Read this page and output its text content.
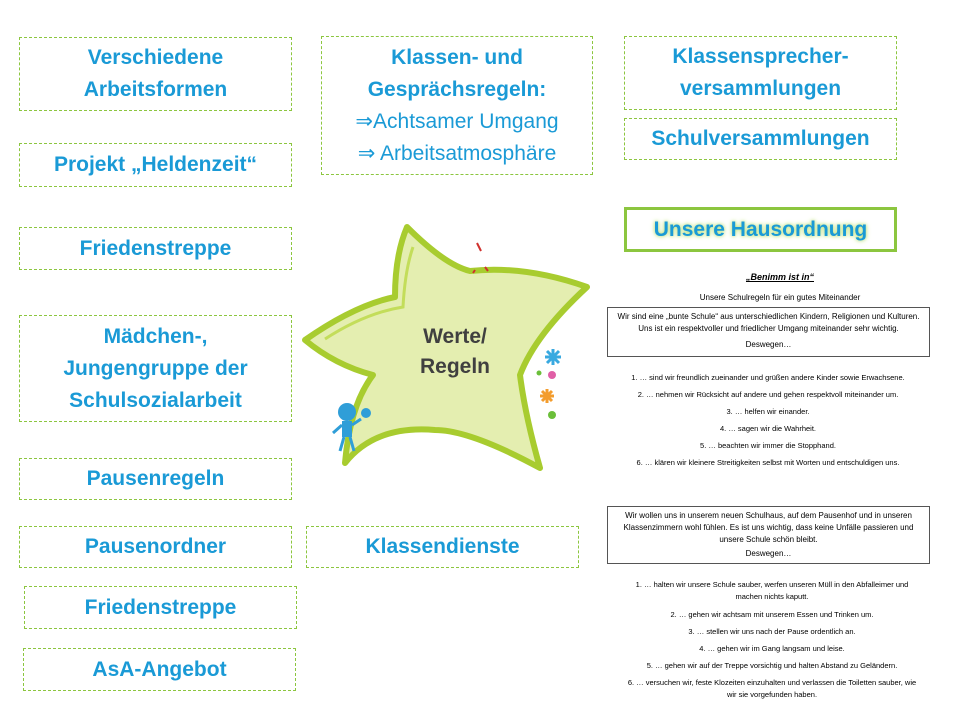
Verschiedene
Arbeitsformen
Projekt „Heldenzeit“
Friedenstreppe
Mädchen-,
Jungengruppe der
Schulsozialarbeit
Pausenregeln
Pausenordner
Friedenstreppe
AsA-Angebot
Klassen- und
Gesprächsregeln:
⇒Achtsamer Umgang
⇒ Arbeitsatmosphäre
Klassendienste
Klassensprecher-
versammlungen
Schulversammlungen
Unsere Hausordnung
Werte/
Regeln
„Benimm ist in“
Unsere Schulregeln für ein gutes Miteinander
Wir sind eine „bunte Schule“ aus unterschiedlichen Kindern, Religionen und Kulturen.
Uns ist ein respektvoller und friedlicher Umgang miteinander sehr wichtig.
Deswegen…
1. … sind wir freundlich zueinander und grüßen andere Kinder sowie Erwachsene.
2. … nehmen wir Rücksicht auf andere und gehen respektvoll miteinander um.
3. … helfen wir einander.
4. … sagen wir die Wahrheit.
5. … beachten wir immer die Stopphand.
6. … klären wir kleinere Streitigkeiten selbst mit Worten und entschuldigen uns.
Wir wollen uns in unserem neuen Schulhaus, auf dem Pausenhof und in unseren
Klassenzimmern wohl fühlen. Es ist uns wichtig, dass keine Unfälle passieren und
unsere Schule schön bleibt.
Deswegen…
1. … halten wir unsere Schule sauber, werfen unseren Müll in den Abfalleimer und
machen nichts kaputt.
2. … gehen wir achtsam mit unserem Essen und Trinken um.
3. … stellen wir uns nach der Pause ordentlich an.
4. … gehen wir im Gang langsam und leise.
5. … gehen wir auf der Treppe vorsichtig und halten Abstand zu Geländern.
6. … versuchen wir, feste Klozeiten einzuhalten und verlassen die Toiletten sauber, wie
wir sie vorgefunden haben.
